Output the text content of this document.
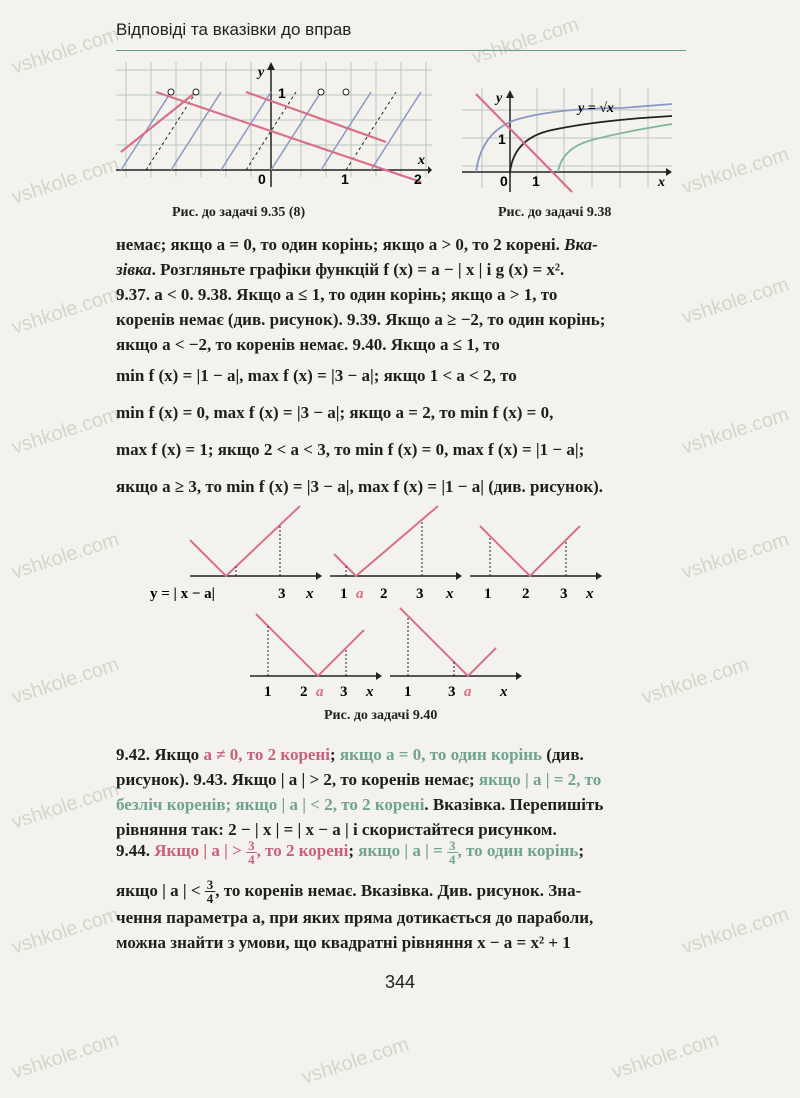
vshkole.com	vshkole.com
vshkole.com
vshkole.com
vshkole.com	vshkole.com
vshkole.com	vshkole.com
vshkole.com	vshkole.com
vshkole.com	vshkole.com
vshkole.com
vshkole.com	vshkole.com
vshkole.com	vshkole.com	vshkole.com
Відповіді та вказівки до вправ
y
x
1
0	1	2
Рис. до задачі 9.35 (8)
y
x
y = √x
1
0 1
Рис. до задачі 9.38
немає; якщо a = 0, то один корінь; якщо a > 0, то 2 корені. Вка-
зівка. Розгляньте графіки функцій f (x) = a − | x | і g (x) = x².
9.37. a < 0. 9.38. Якщо a ≤ 1, то один корінь; якщо a > 1, то
коренів немає (див. рисунок). 9.39. Якщо a ≥ −2, то один корінь;
якщо a < −2, то коренів немає. 9.40. Якщо a ≤ 1, то
min f (x) = |1 − a|, max f (x) = |3 − a|; якщо 1 < a < 2, то
min f (x) = 0, max f (x) = |3 − a|; якщо a = 2, то min f (x) = 0,
max f (x) = 1; якщо 2 < a < 3, то min f (x) = 0, max f (x) = |1 − a|;
якщо a ≥ 3, то min f (x) = |3 − a|, max f (x) = |1 − a| (див. рисунок).
y = | x − a|	3 x 1 a 2 3 x 1 2 3 x
1 2 a 3 x 1 3 a x
Рис. до задачі 9.40
9.42. Якщо a ≠ 0, то 2 корені; якщо a = 0, то один корінь (див.
рисунок). 9.43. Якщо | a | > 2, то коренів немає; якщо | a | = 2, то
безліч коренів; якщо | a | < 2, то 2 корені. Вказівка. Перепишіть
рівняння так: 2 − | x | = | x − a | і скористайтеся рисунком.
9.44. Якщо | a | > $\frac{3}{4}$ , то 2 корені; якщо | a | = $\frac{3}{4}$ , то один корінь;
якщо | a | < $\frac{3}{4}$ , то коренів немає. Вказівка. Див. рисунок. Зна-
чення параметра a, при яких пряма дотикається до параболи,
можна знайти з умови, що квадратні рівняння x − a = x² + 1
344
